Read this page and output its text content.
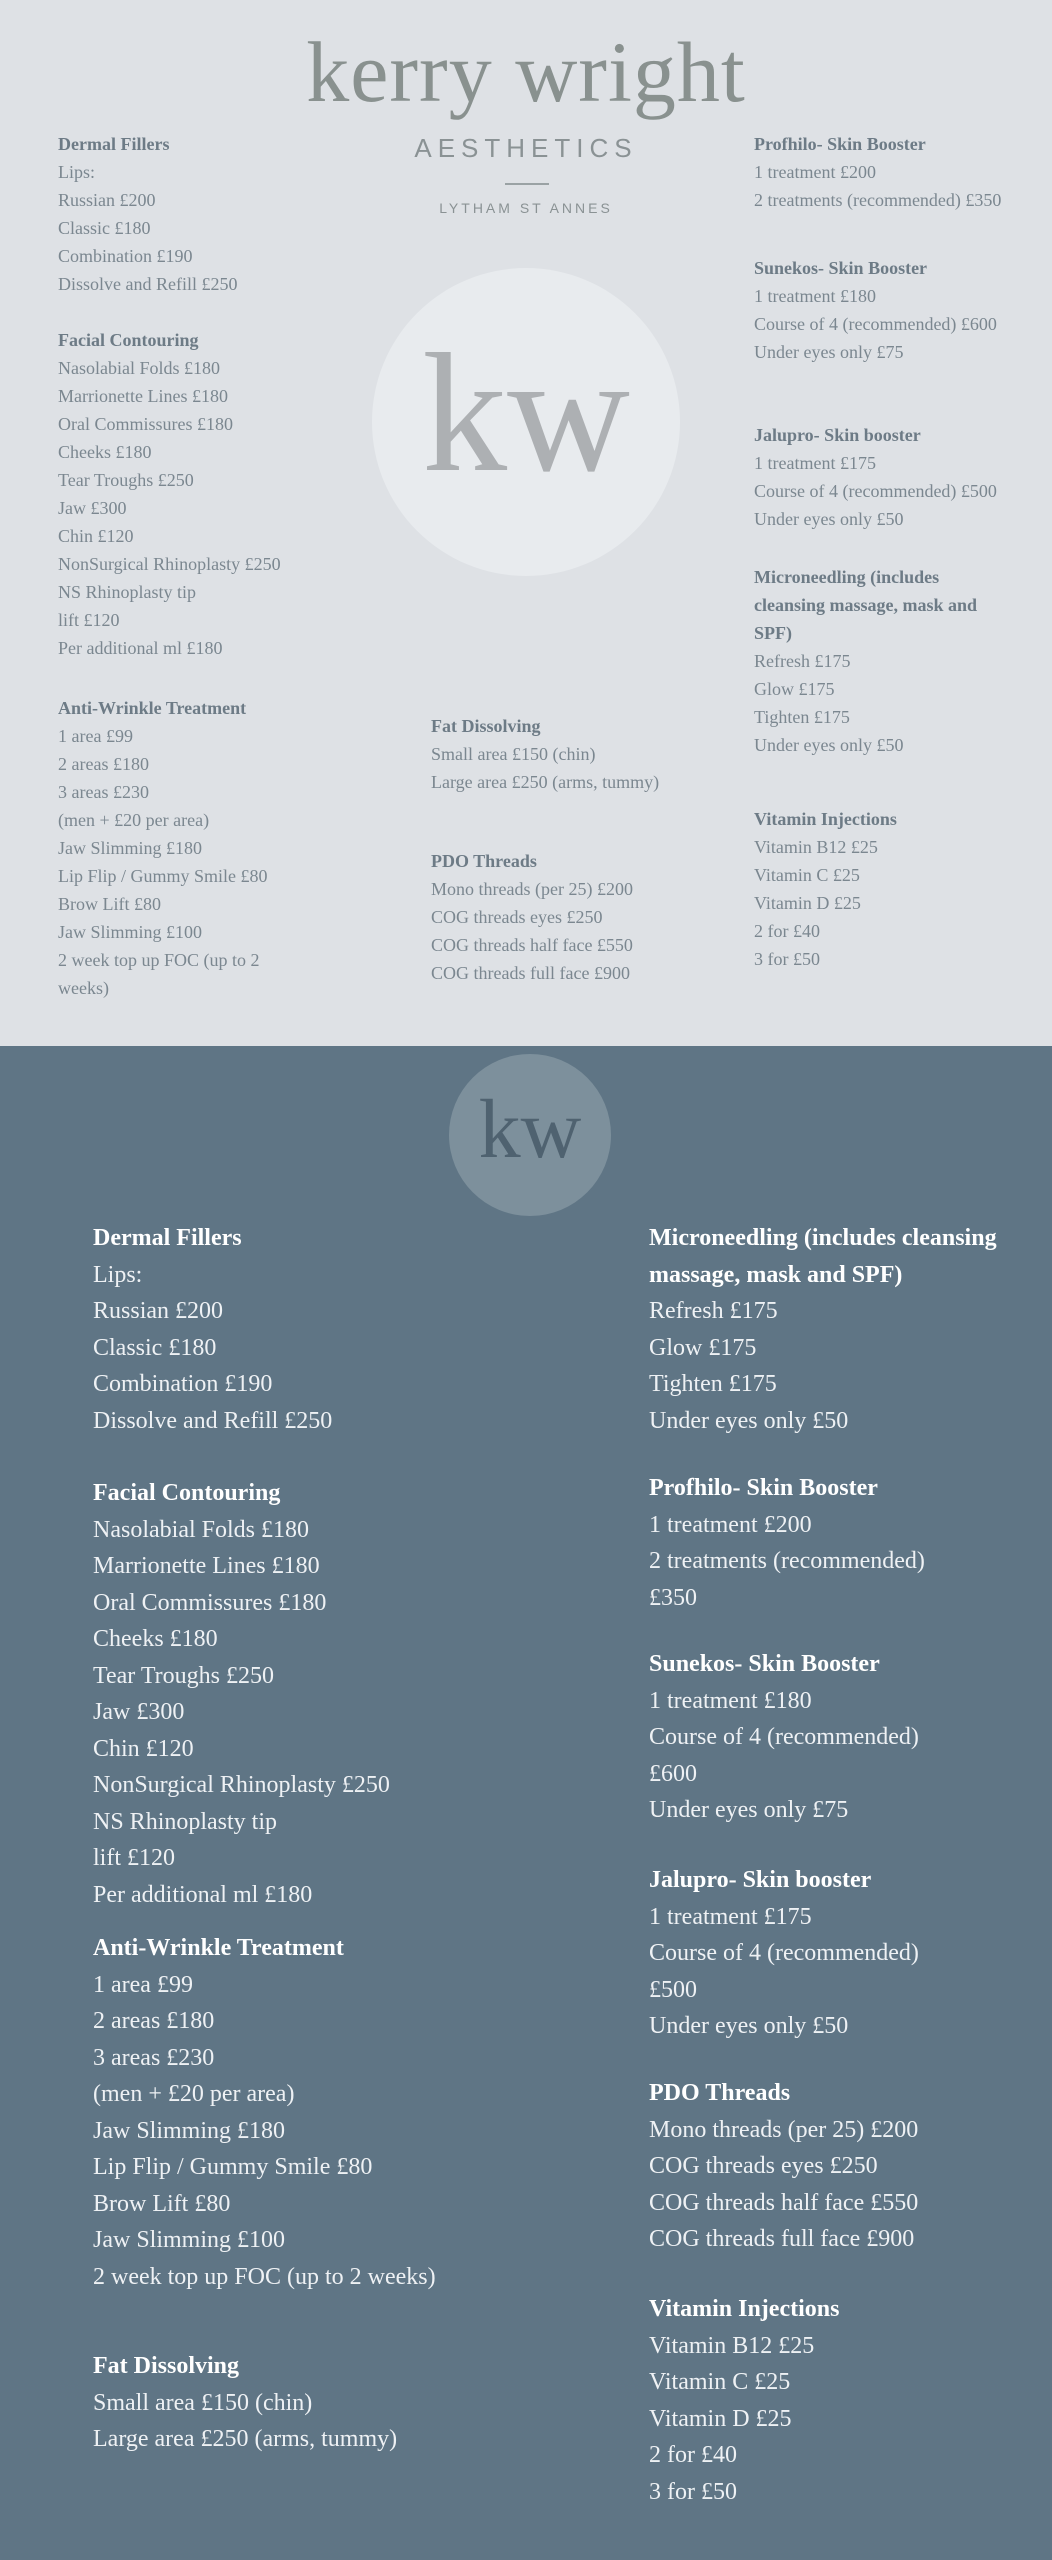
kerry wright
AESTHETICS
LYTHAM ST ANNES
kw
Dermal Fillers
Lips:
Russian £200
Classic £180
Combination £190
Dissolve and Refill £250
Facial Contouring
Nasolabial Folds £180
Marrionette Lines £180
Oral Commissures £180
Cheeks £180
Tear Troughs £250
Jaw £300
Chin £120
NonSurgical Rhinoplasty £250
NS Rhinoplasty tip
lift £120
Per additional ml £180
Anti-Wrinkle Treatment
1 area £99
2 areas £180
3 areas £230
(men + £20 per area)
Jaw Slimming £180
Lip Flip / Gummy Smile £80
Brow Lift £80
Jaw Slimming £100
2 week top up FOC (up to 2
weeks)
Fat Dissolving
Small area £150 (chin)
Large area £250 (arms, tummy)
PDO Threads
Mono threads (per 25) £200
COG threads eyes £250
COG threads half face £550
COG threads full face £900
Profhilo- Skin Booster
1 treatment £200
2 treatments (recommended) £350
Sunekos- Skin Booster
1 treatment £180
Course of 4 (recommended) £600
Under eyes only £75
Jalupro- Skin booster
1 treatment £175
Course of 4 (recommended) £500
Under eyes only £50
Microneedling (includes
cleansing massage, mask and
SPF)
Refresh £175
Glow £175
Tighten £175
Under eyes only £50
Vitamin Injections
Vitamin B12 £25
Vitamin C £25
Vitamin D £25
2 for £40
3 for £50
kw
Dermal Fillers
Lips:
Russian £200
Classic £180
Combination £190
Dissolve and Refill £250
Facial Contouring
Nasolabial Folds £180
Marrionette Lines £180
Oral Commissures £180
Cheeks £180
Tear Troughs £250
Jaw £300
Chin £120
NonSurgical Rhinoplasty £250
NS Rhinoplasty tip
lift £120
Per additional ml £180
Anti-Wrinkle Treatment
1 area £99
2 areas £180
3 areas £230
(men + £20 per area)
Jaw Slimming £180
Lip Flip / Gummy Smile £80
Brow Lift £80
Jaw Slimming £100
2 week top up FOC (up to 2 weeks)
Fat Dissolving
Small area £150 (chin)
Large area £250 (arms, tummy)
Microneedling (includes cleansing
massage, mask and SPF)
Refresh £175
Glow £175
Tighten £175
Under eyes only £50
Profhilo- Skin Booster
1 treatment £200
2 treatments (recommended)
£350
Sunekos- Skin Booster
1 treatment £180
Course of 4 (recommended)
£600
Under eyes only £75
Jalupro- Skin booster
1 treatment £175
Course of 4 (recommended)
£500
Under eyes only £50
PDO Threads
Mono threads (per 25) £200
COG threads eyes £250
COG threads half face £550
COG threads full face £900
Vitamin Injections
Vitamin B12 £25
Vitamin C £25
Vitamin D £25
2 for £40
3 for £50
